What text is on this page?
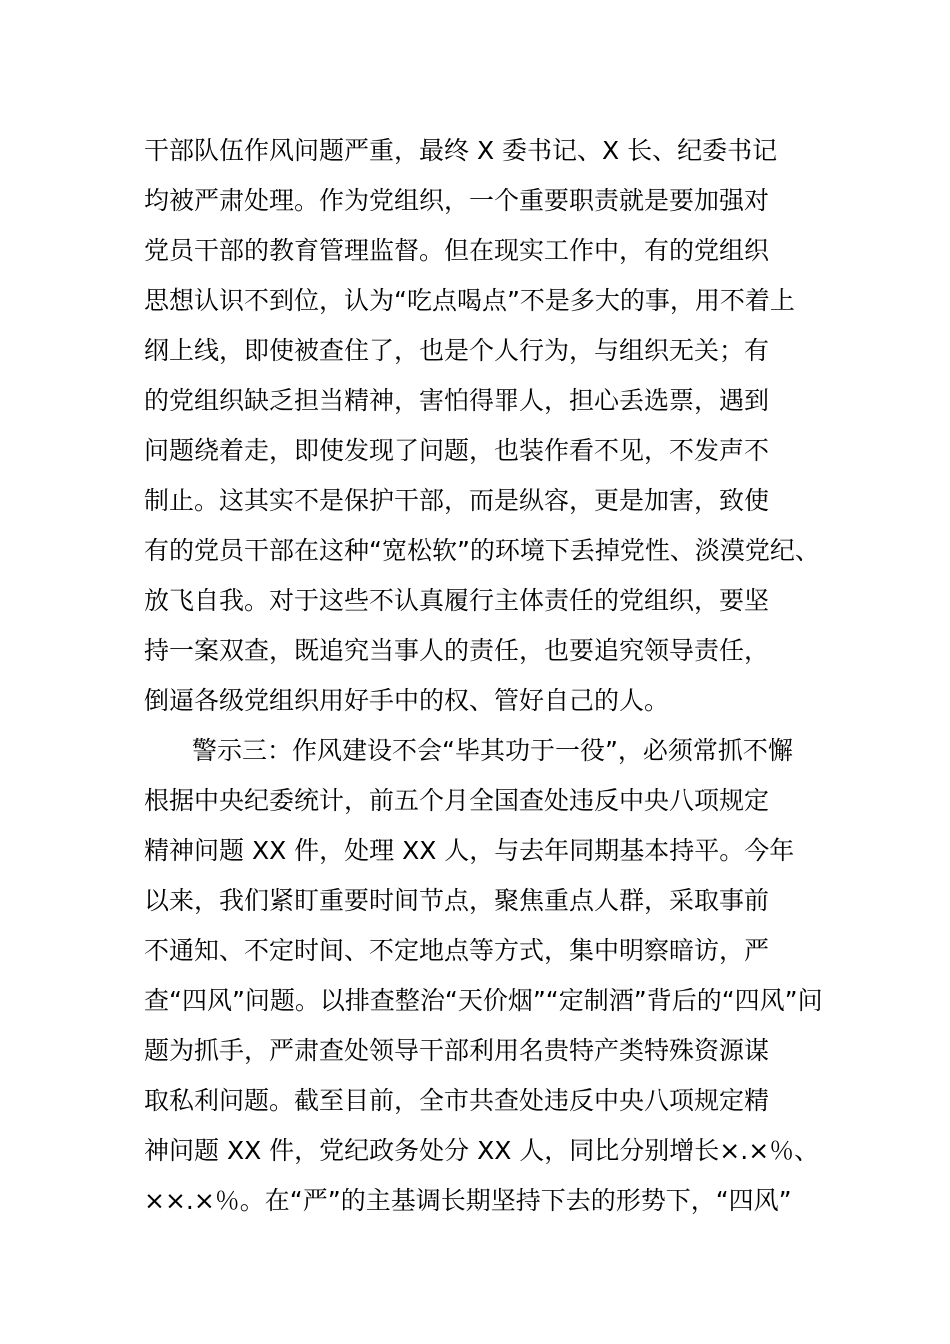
干部队伍作风问题严重，最终 X 委书记、X 长、纪委书记
均被严肃处理。作为党组织，一个重要职责就是要加强对
党员干部的教育管理监督。但在现实工作中，有的党组织
思想认识不到位，认为“吃点喝点”不是多大的事，用不着上
纲上线，即使被查住了，也是个人行为，与组织无关；有
的党组织缺乏担当精神，害怕得罪人，担心丢选票，遇到
问题绕着走，即使发现了问题，也装作看不见，不发声不
制止。这其实不是保护干部，而是纵容，更是加害，致使
有的党员干部在这种“宽松软”的环境下丢掉党性、淡漠党纪、
放飞自我。对于这些不认真履行主体责任的党组织，要坚
持一案双查，既追究当事人的责任，也要追究领导责任，
倒逼各级党组织用好手中的权、管好自己的人。
警示三：作风建设不会“毕其功于一役”，必须常抓不懈
根据中央纪委统计，前五个月全国查处违反中央八项规定
精神问题 XX 件，处理 XX 人，与去年同期基本持平。今年
以来，我们紧盯重要时间节点，聚焦重点人群，采取事前
不通知、不定时间、不定地点等方式，集中明察暗访，严
查“四风”问题。以排查整治“天价烟”“定制酒”背后的“四风”问
题为抓手，严肃查处领导干部利用名贵特产类特殊资源谋
取私利问题。截至目前，全市共查处违反中央八项规定精
神问题 XX 件，党纪政务处分 XX 人，同比分别增长×.×％、
××.×％。在“严”的主基调长期坚持下去的形势下，“四风”
